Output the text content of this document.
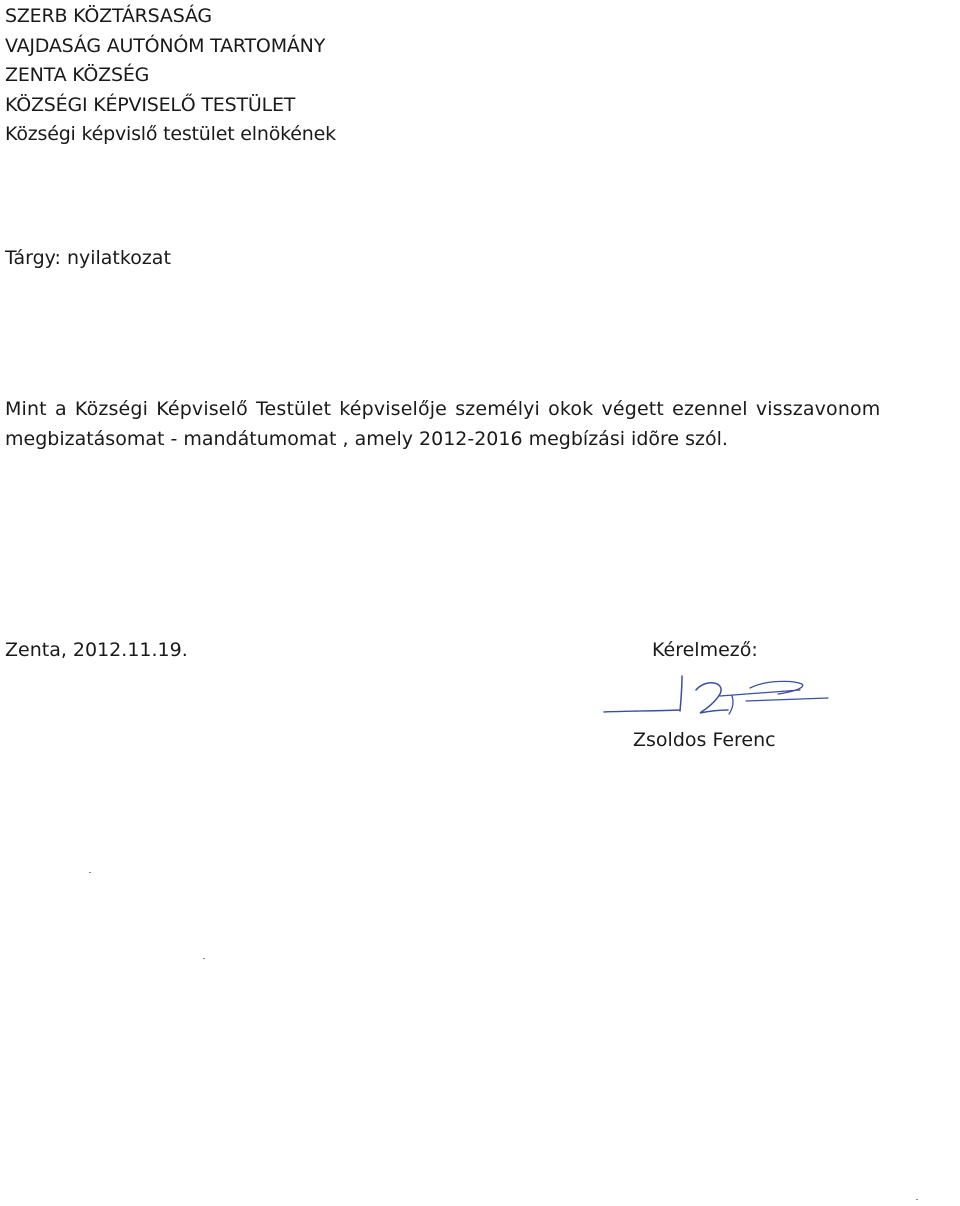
SZERB KÖZTÁRSASÁG
VAJDASÁG AUTÓNÓM TARTOMÁNY
ZENTA KÖZSÉG
KÖZSÉGI KÉPVISELŐ TESTÜLET
Községi képvislő testület elnökének
Tárgy: nyilatkozat
Mint a Községi Képviselő Testület képviselője személyi okok végett ezennel visszavonom
megbizatásomat - mandátumomat , amely 2012-2016 megbízási idõre szól.
Zenta, 2012.11.19.	Kérelmező:
Zsoldos Ferenc
